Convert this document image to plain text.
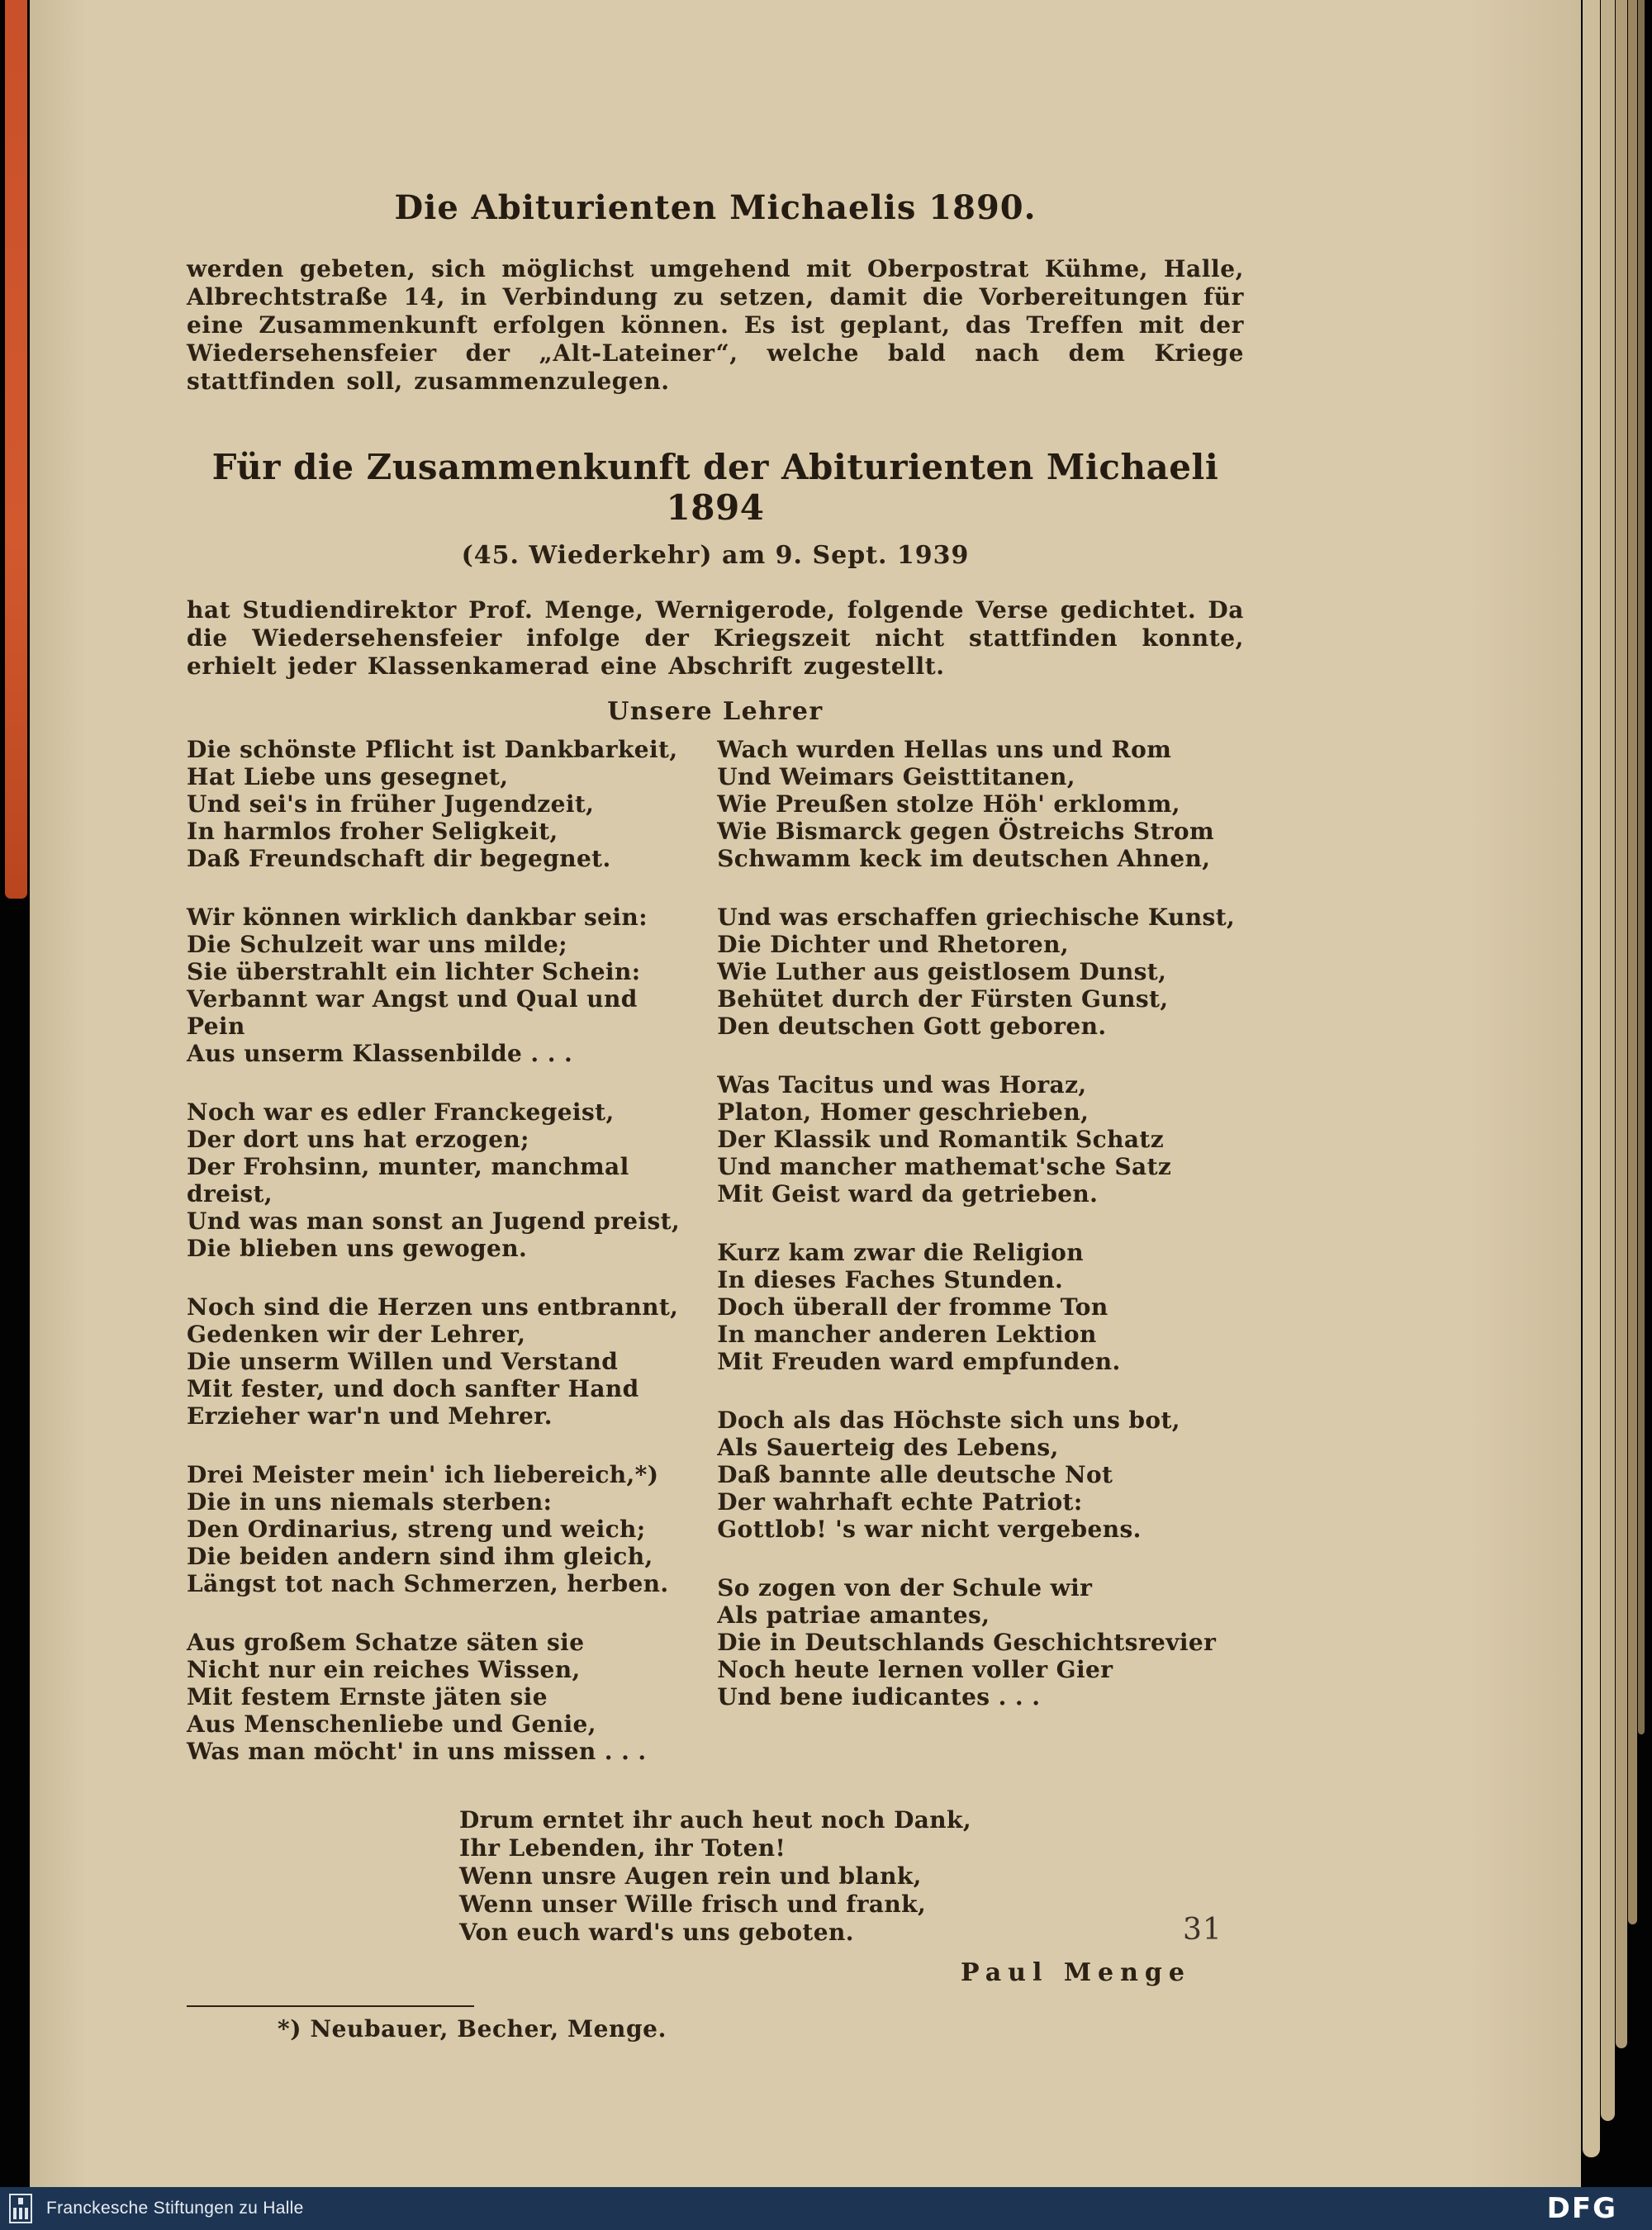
Die Abiturienten Michaelis 1890.

werden gebeten, sich möglichst umgehend mit Oberpostrat Kühme, Halle, Albrechtstraße 14, in Verbindung zu setzen, damit die Vorbereitungen für eine Zusammenkunft erfolgen können. Es ist geplant, das Treffen mit der Wiedersehensfeier der „Alt-Lateiner“, welche bald nach dem Kriege stattfinden soll, zusammenzulegen.

Für die Zusammenkunft der Abiturienten Michaeli 1894
(45. Wiederkehr) am 9. Sept. 1939

hat Studiendirektor Prof. Menge, Wernigerode, folgende Verse gedichtet. Da die Wiedersehensfeier infolge der Kriegszeit nicht stattfinden konnte, erhielt jeder Klassenkamerad eine Abschrift zugestellt.

Unsere Lehrer
Die schönste Pflicht ist Dankbarkeit,
Hat Liebe uns gesegnet,
Und sei's in früher Jugendzeit,
In harmlos froher Seligkeit,
Daß Freundschaft dir begegnet.
Wir können wirklich dankbar sein:
Die Schulzeit war uns milde;
Sie überstrahlt ein lichter Schein:
Verbannt war Angst und Qual und Pein
Aus unserm Klassenbilde . . .
Noch war es edler Franckegeist,
Der dort uns hat erzogen;
Der Frohsinn, munter, manchmal dreist,
Und was man sonst an Jugend preist,
Die blieben uns gewogen.
Noch sind die Herzen uns entbrannt,
Gedenken wir der Lehrer,
Die unserm Willen und Verstand
Mit fester, und doch sanfter Hand
Erzieher war'n und Mehrer.
Drei Meister mein' ich liebereich,*)
Die in uns niemals sterben:
Den Ordinarius, streng und weich;
Die beiden andern sind ihm gleich,
Längst tot nach Schmerzen, herben.
Aus großem Schatze säten sie
Nicht nur ein reiches Wissen,
Mit festem Ernste jäten sie
Aus Menschenliebe und Genie,
Was man möcht' in uns missen . . .
Wach wurden Hellas uns und Rom
Und Weimars Geisttitanen,
Wie Preußen stolze Höh' erklomm,
Wie Bismarck gegen Östreichs Strom
Schwamm keck im deutschen Ahnen,
Und was erschaffen griechische Kunst,
Die Dichter und Rhetoren,
Wie Luther aus geistlosem Dunst,
Behütet durch der Fürsten Gunst,
Den deutschen Gott geboren.
Was Tacitus und was Horaz,
Platon, Homer geschrieben,
Der Klassik und Romantik Schatz
Und mancher mathemat'sche Satz
Mit Geist ward da getrieben.
Kurz kam zwar die Religion
In dieses Faches Stunden.
Doch überall der fromme Ton
In mancher anderen Lektion
Mit Freuden ward empfunden.
Doch als das Höchste sich uns bot,
Als Sauerteig des Lebens,
Daß bannte alle deutsche Not
Der wahrhaft echte Patriot:
Gottlob! 's war nicht vergebens.
So zogen von der Schule wir
Als patriae amantes,
Die in Deutschlands Geschichtsrevier
Noch heute lernen voller Gier
Und bene iudicantes . . .
Drum erntet ihr auch heut noch Dank,
Ihr Lebenden, ihr Toten!
Wenn unsre Augen rein und blank,
Wenn unser Wille frisch und frank,
Von euch ward's uns geboten.
Paul Menge
*) Neubauer, Becher, Menge.
31
Franckesche Stiftungen zu Halle	DFG
